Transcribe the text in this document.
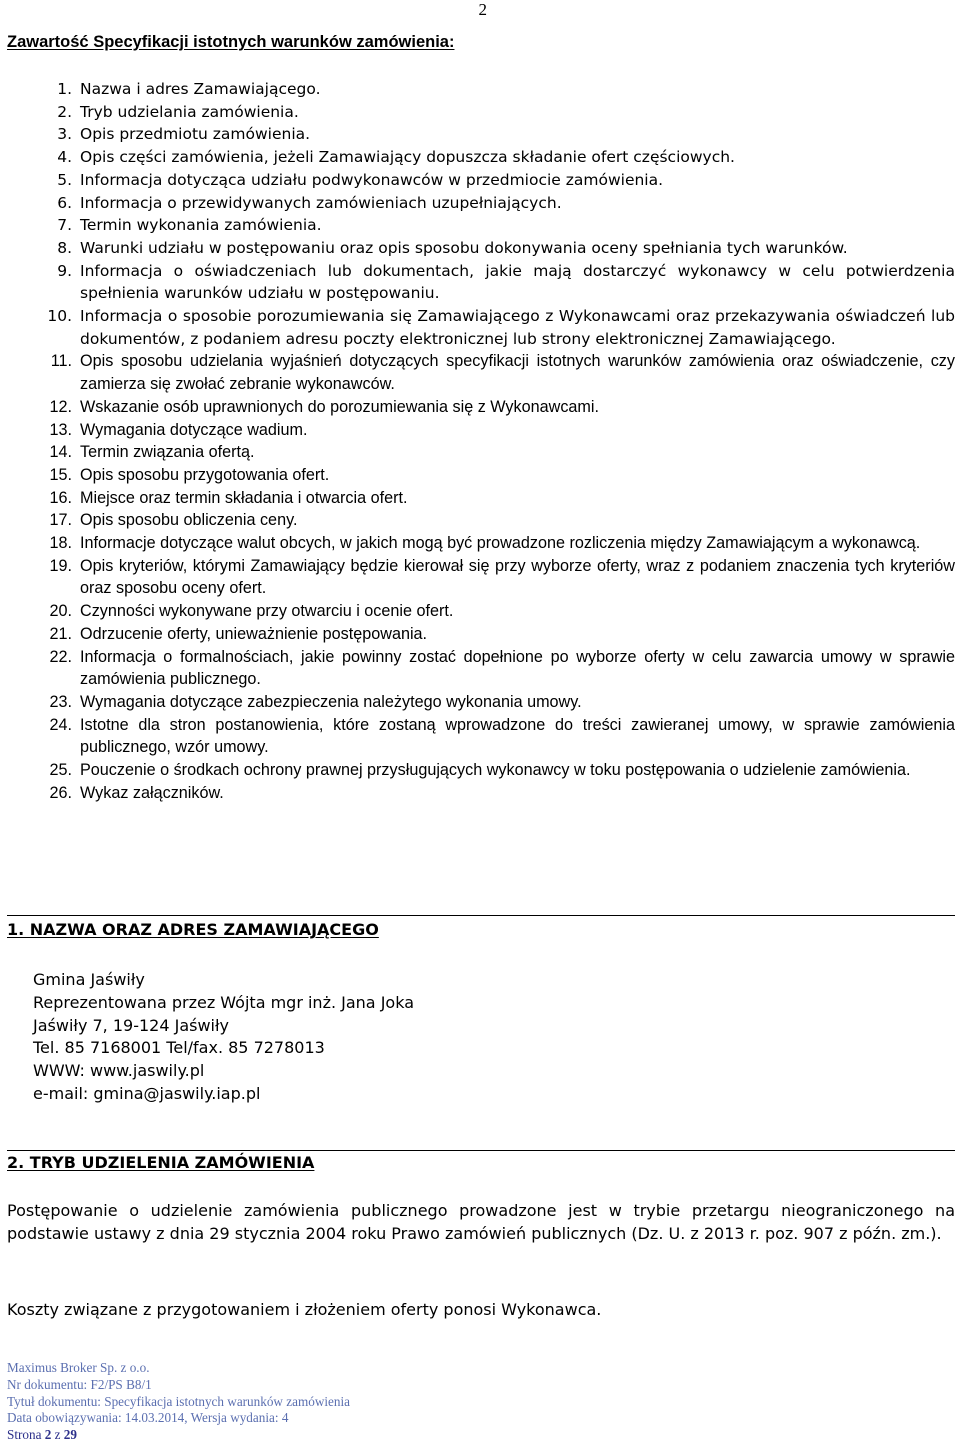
2
Zawartość Specyfikacji istotnych warunków zamówienia:
1. Nazwa i adres Zamawiającego.
2. Tryb udzielania zamówienia.
3. Opis przedmiotu zamówienia.
4. Opis części zamówienia, jeżeli Zamawiający dopuszcza składanie ofert częściowych.
5. Informacja dotycząca udziału podwykonawców w przedmiocie zamówienia.
6. Informacja o przewidywanych zamówieniach uzupełniających.
7. Termin wykonania zamówienia.
8. Warunki udziału w postępowaniu oraz opis sposobu dokonywania oceny spełniania tych warunków.
9. Informacja o oświadczeniach lub dokumentach, jakie mają dostarczyć wykonawcy w celu potwierdzenia spełnienia warunków udziału w postępowaniu.
10. Informacja o sposobie porozumiewania się Zamawiającego z Wykonawcami oraz przekazywania oświadczeń lub dokumentów, z podaniem adresu poczty elektronicznej lub strony elektronicznej Zamawiającego.
11. Opis sposobu udzielania wyjaśnień dotyczących specyfikacji istotnych warunków zamówienia oraz oświadczenie, czy zamierza się zwołać zebranie wykonawców.
12. Wskazanie osób uprawnionych do porozumiewania się z Wykonawcami.
13. Wymagania dotyczące wadium.
14. Termin związania ofertą.
15. Opis sposobu przygotowania ofert.
16. Miejsce oraz termin składania i otwarcia ofert.
17. Opis sposobu obliczenia ceny.
18. Informacje dotyczące walut obcych, w jakich mogą być prowadzone rozliczenia między Zamawiającym a wykonawcą.
19. Opis kryteriów, którymi Zamawiający będzie kierował się przy wyborze oferty, wraz z podaniem znaczenia tych kryteriów oraz sposobu oceny ofert.
20. Czynności wykonywane przy otwarciu i ocenie ofert.
21. Odrzucenie oferty, unieważnienie postępowania.
22. Informacja o formalnościach, jakie powinny zostać dopełnione po wyborze oferty w celu zawarcia umowy w sprawie zamówienia publicznego.
23. Wymagania dotyczące zabezpieczenia należytego wykonania umowy.
24. Istotne dla stron postanowienia, które zostaną wprowadzone do treści zawieranej umowy, w sprawie zamówienia publicznego, wzór umowy.
25. Pouczenie o środkach ochrony prawnej przysługujących wykonawcy w toku postępowania o udzielenie zamówienia.
26. Wykaz załączników.
1. NAZWA ORAZ ADRES ZAMAWIAJĄCEGO
Gmina Jaświły
Reprezentowana przez Wójta mgr inż. Jana Joka
Jaświły 7, 19-124 Jaświły
Tel. 85 7168001 Tel/fax. 85 7278013
WWW: www.jaswily.pl
e-mail: gmina@jaswily.iap.pl
2. TRYB UDZIELENIA ZAMÓWIENIA
Postępowanie o udzielenie zamówienia publicznego prowadzone jest w trybie przetargu nieograniczonego na podstawie ustawy z dnia 29 stycznia 2004 roku Prawo zamówień publicznych (Dz. U. z 2013 r. poz. 907 z późn. zm.).
Koszty związane z przygotowaniem i złożeniem oferty ponosi Wykonawca.
Maximus Broker Sp. z o.o.
Nr dokumentu: F2/PS B8/1
Tytuł dokumentu: Specyfikacja istotnych warunków zamówienia
Data obowiązywania: 14.03.2014, Wersja wydania: 4
Strona 2 z 29
